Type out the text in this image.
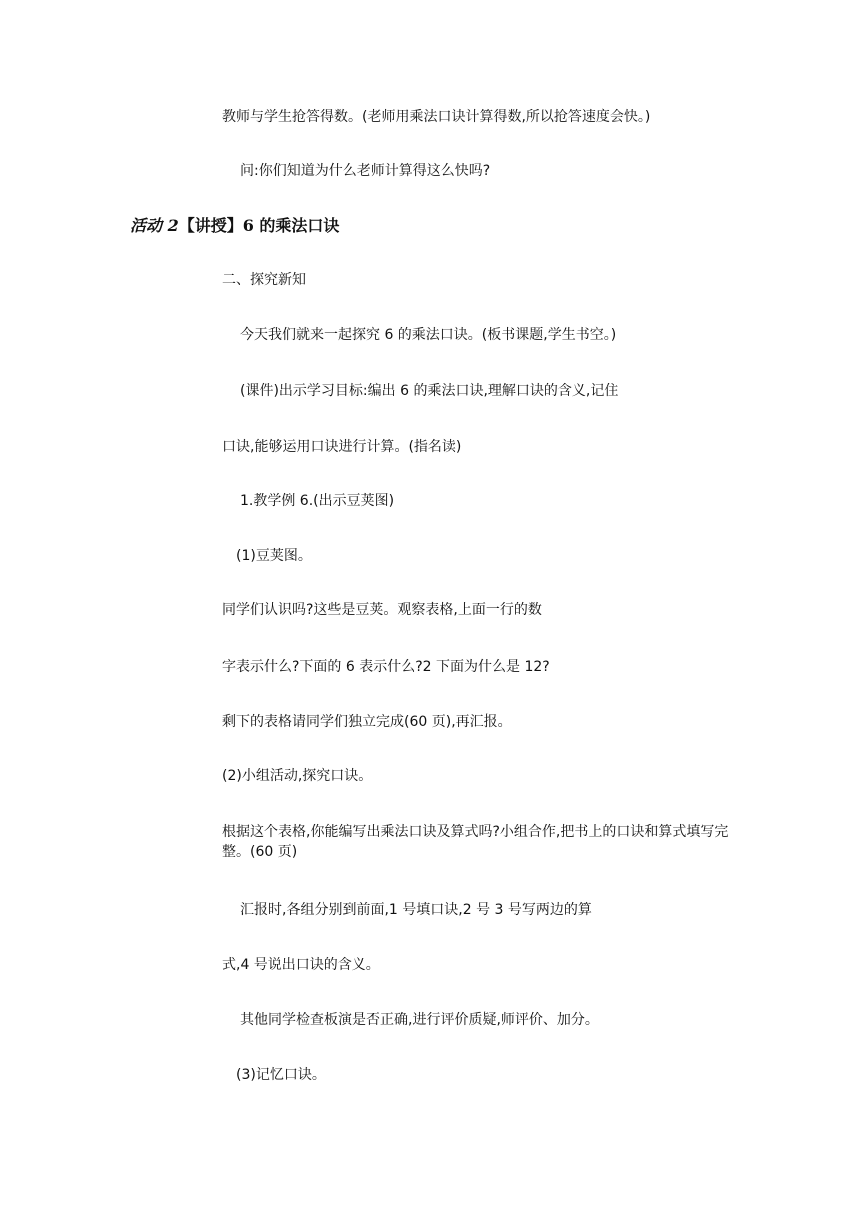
教师与学生抢答得数。(老师用乘法口诀计算得数,所以抢答速度会快。)

问:你们知道为什么老师计算得这么快吗?

活动 2【讲授】6 的乘法口诀

二、探究新知

今天我们就来一起探究 6 的乘法口诀。(板书课题,学生书空。)

(课件)出示学习目标:编出 6 的乘法口诀,理解口诀的含义,记住

口诀,能够运用口诀进行计算。(指名读)

1.教学例 6.(出示豆荚图)

(1)豆荚图。

同学们认识吗?这些是豆荚。观察表格,上面一行的数

字表示什么?下面的 6 表示什么?2 下面为什么是 12?

剩下的表格请同学们独立完成(60 页),再汇报。

(2)小组活动,探究口诀。

根据这个表格,你能编写出乘法口诀及算式吗?小组合作,把书上的口诀和算式填写完整。(60 页)

汇报时,各组分别到前面,1 号填口诀,2 号 3 号写两边的算

式,4 号说出口诀的含义。

其他同学检查板演是否正确,进行评价质疑,师评价、加分。

(3)记忆口诀。
